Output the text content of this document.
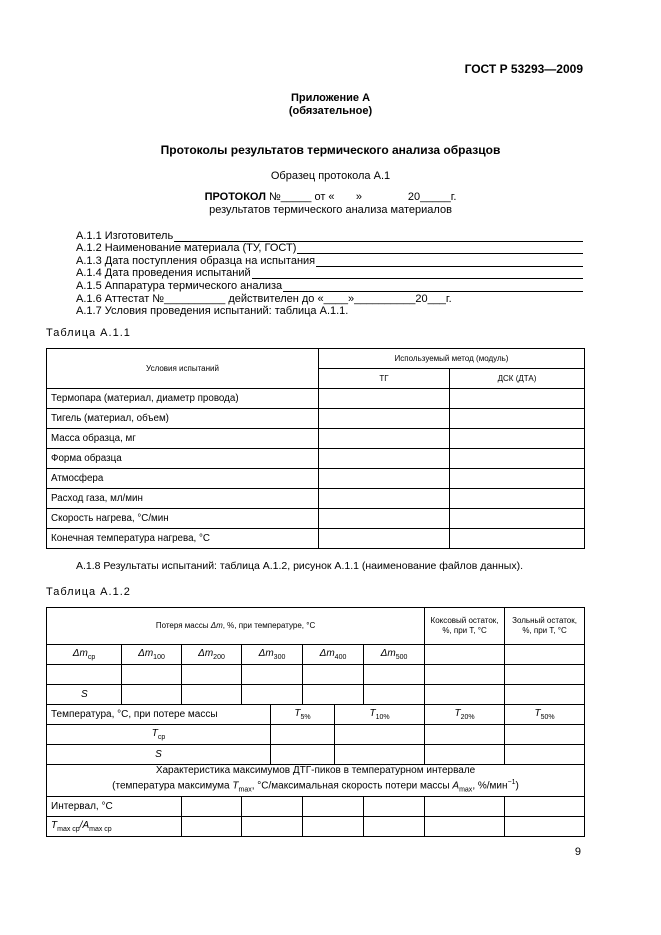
ГОСТ Р 53293—2009
Приложение А
(обязательное)
Протоколы результатов термического анализа образцов
Образец протокола А.1
ПРОТОКОЛ №_____ от «       »               20_____г.
результатов термического анализа материалов
А.1.1 Изготовитель
А.1.2 Наименование материала (ТУ, ГОСТ)
А.1.3 Дата поступления образца на испытания
А.1.4 Дата проведения испытаний
А.1.5 Аппаратура термического анализа
А.1.6 Аттестат №__________ действителен до «____»__________20___г.
А.1.7 Условия проведения испытаний: таблица А.1.1.
Таблица А.1.1
Условия испытаний	Используемый метод (модуль)	
	ТГ	ДСК (ДТА)
Термопара (материал, диаметр провода)		
Тигель (материал, объем)		
Масса образца, мг		
Форма образца		
Атмосфера		
Расход газа, мл/мин		
Скорость нагрева, °С/мин		
Конечная температура нагрева, °С		
А.1.8 Результаты испытаний: таблица А.1.2, рисунок А.1.1 (наименование файлов данных).
Таблица А.1.2
Потеря массы Δm, %, при температуре, °С								Коксовый остаток, %, при Т, °С	Зольный остаток, %, при Т, °С
$\Delta m_{ср}$	$\Delta m_{100}$	$\Delta m_{200}$	$\Delta m_{300}$		$\Delta m_{400}$		$\Delta m_{500}$		

S									
Температура, °С, при потере массы				$T_{5\%}$		$T_{10\%}$		$T_{20\%}$	$T_{50\%}$
$T_{ср}$				
S									

Характеристика максимумов ДТГ-пиков в температурном интервале
(температура максимума $T_{max}$, °С/максимальная скорость потери массы $A_{max}$, %/мин$^{-1}$)									

Интервал, °С									
$T_{max ср}/A_{max ср}$						
9
